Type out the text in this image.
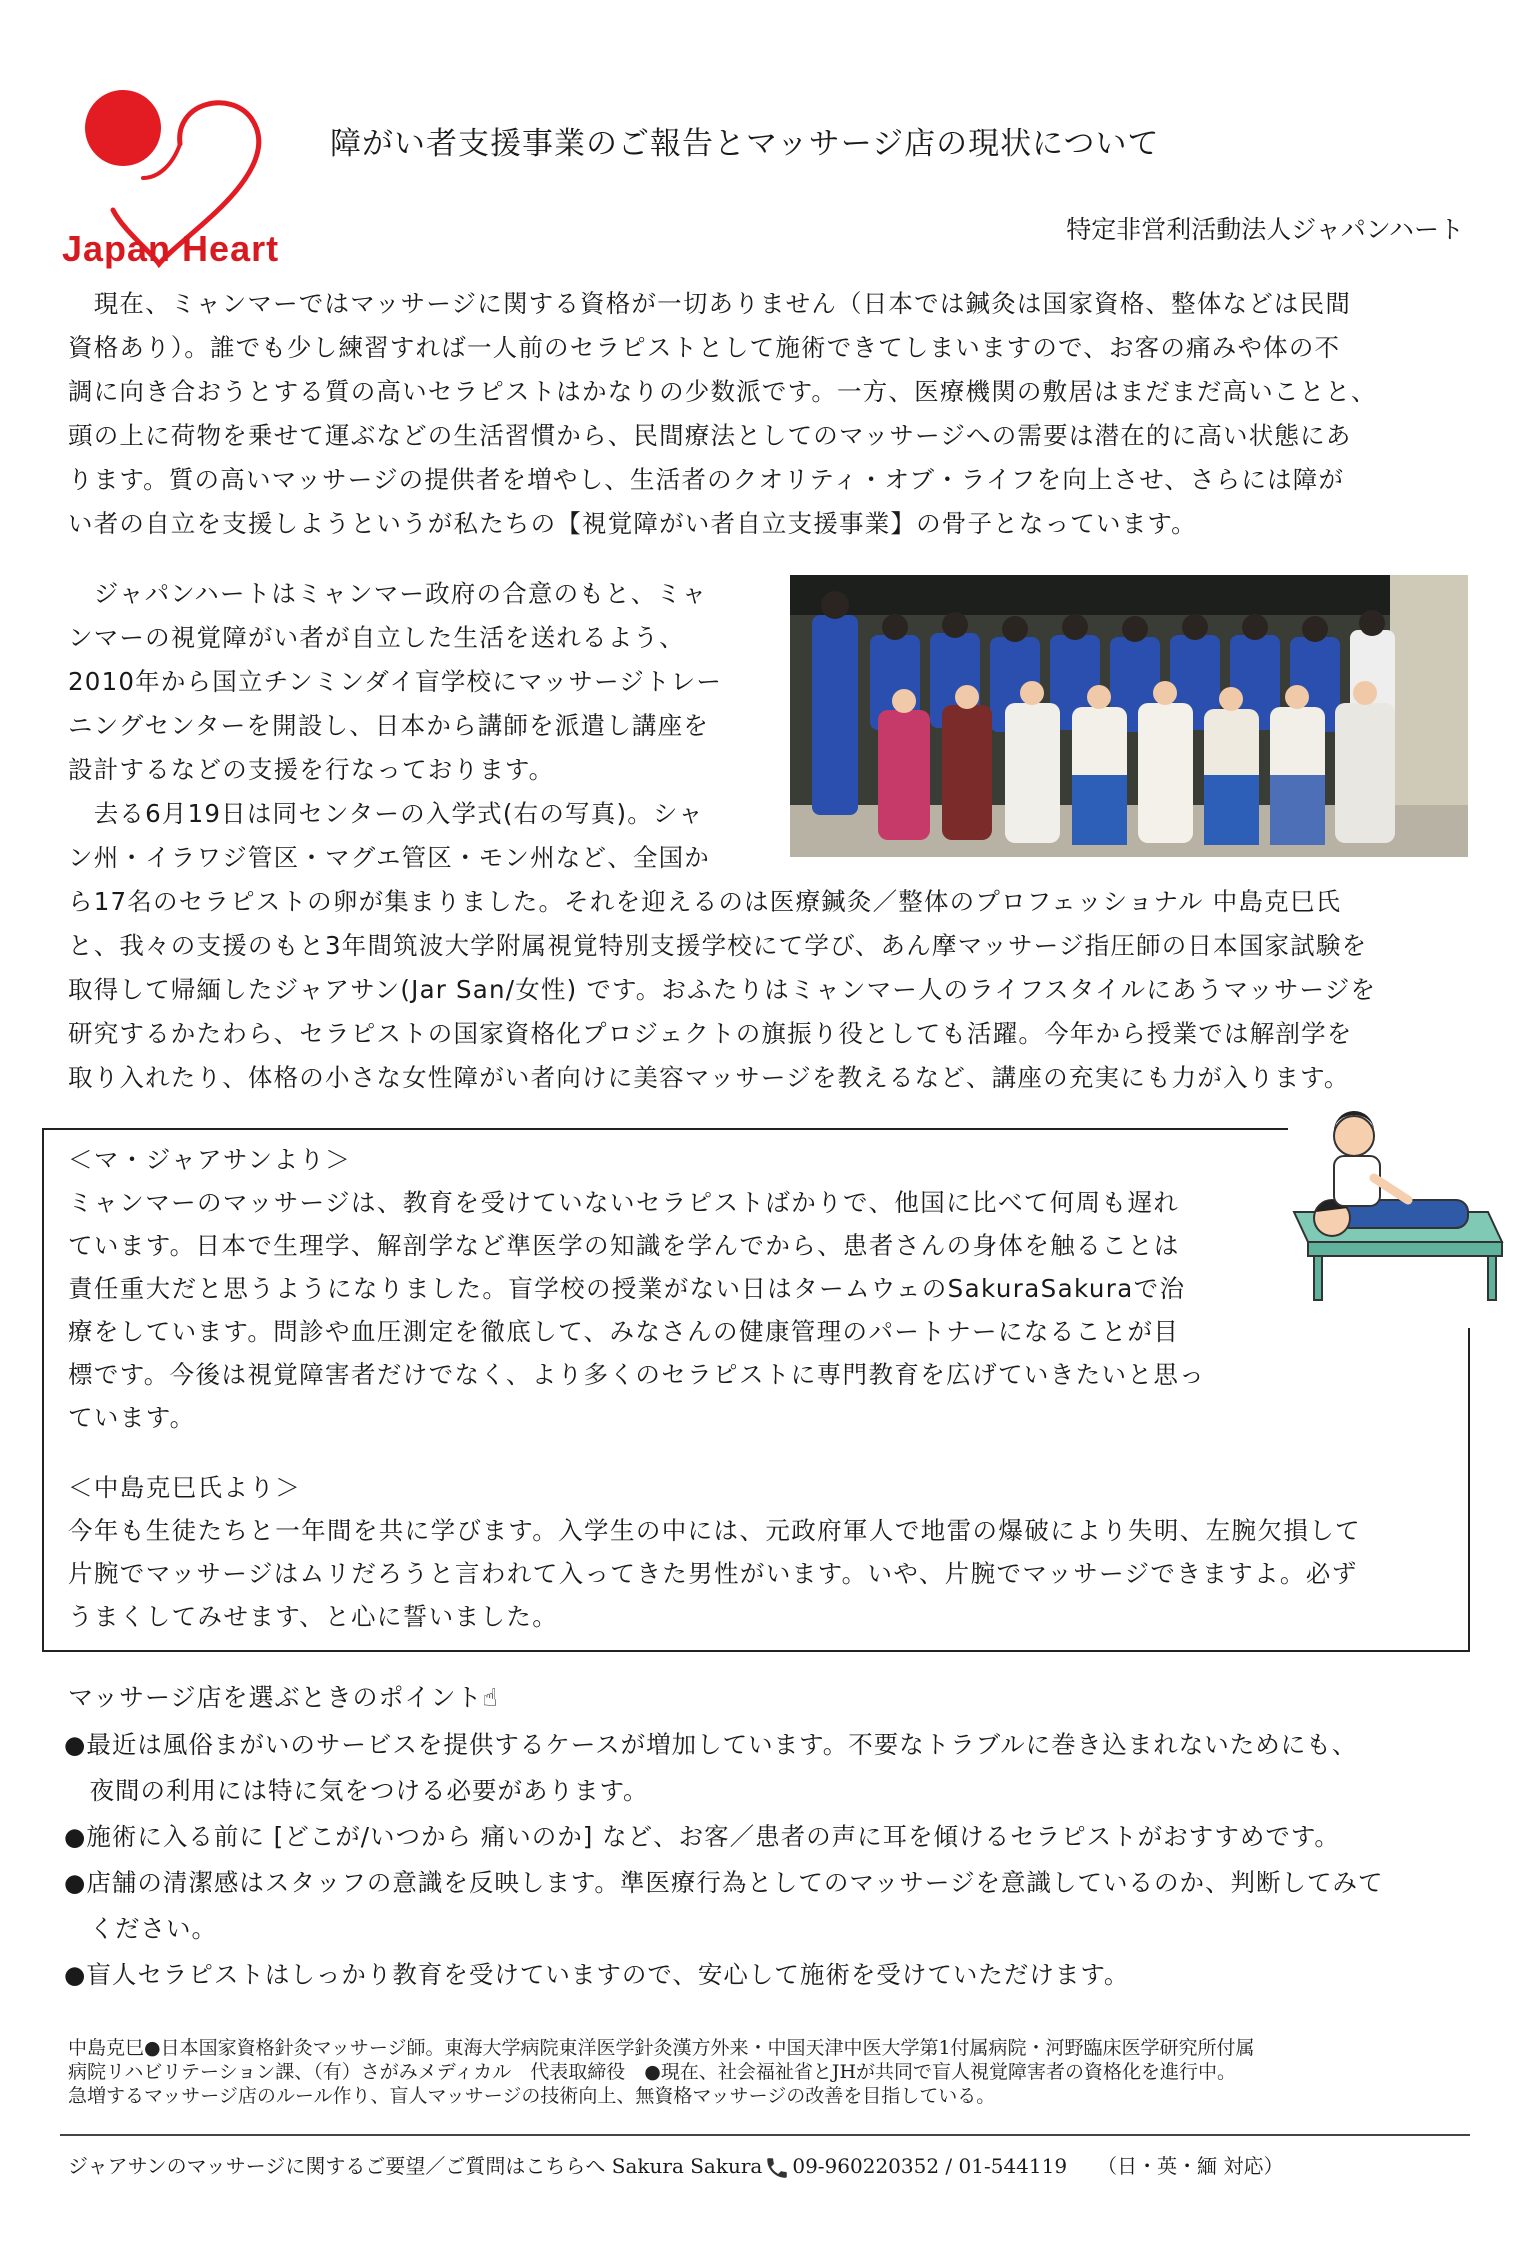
Japan Heart
障がい者支援事業のご報告とマッサージ店の現状について
特定非営利活動法人ジャパンハート
　現在、ミャンマーではマッサージに関する資格が一切ありません（日本では鍼灸は国家資格、整体などは民間
資格あり）。誰でも少し練習すれば一人前のセラピストとして施術できてしまいますので、お客の痛みや体の不
調に向き合おうとする質の高いセラピストはかなりの少数派です。一方、医療機関の敷居はまだまだ高いことと、
頭の上に荷物を乗せて運ぶなどの生活習慣から、民間療法としてのマッサージへの需要は潜在的に高い状態にあ
ります。質の高いマッサージの提供者を増やし、生活者のクオリティ・オブ・ライフを向上させ、さらには障が
い者の自立を支援しようというが私たちの【視覚障がい者自立支援事業】の骨子となっています。
　ジャパンハートはミャンマー政府の合意のもと、ミャ
ンマーの視覚障がい者が自立した生活を送れるよう、
2010年から国立チンミンダイ盲学校にマッサージトレー
ニングセンターを開設し、日本から講師を派遣し講座を
設計するなどの支援を行なっております。
　去る6月19日は同センターの入学式(右の写真)。シャ
ン州・イラワジ管区・マグエ管区・モン州など、全国か
ら17名のセラピストの卵が集まりました。それを迎えるのは医療鍼灸／整体のプロフェッショナル 中島克巳氏
と、我々の支援のもと3年間筑波大学附属視覚特別支援学校にて学び、あん摩マッサージ指圧師の日本国家試験を
取得して帰緬したジャアサン(Jar San/女性) です。おふたりはミャンマー人のライフスタイルにあうマッサージを
研究するかたわら、セラピストの国家資格化プロジェクトの旗振り役としても活躍。今年から授業では解剖学を
取り入れたり、体格の小さな女性障がい者向けに美容マッサージを教えるなど、講座の充実にも力が入ります。
＜マ・ジャアサンより＞
ミャンマーのマッサージは、教育を受けていないセラピストばかりで、他国に比べて何周も遅れ
ています。日本で生理学、解剖学など準医学の知識を学んでから、患者さんの身体を触ることは
責任重大だと思うようになりました。盲学校の授業がない日はタームウェのSakuraSakuraで治
療をしています。問診や血圧測定を徹底して、みなさんの健康管理のパートナーになることが目
標です。今後は視覚障害者だけでなく、より多くのセラピストに専門教育を広げていきたいと思っ
ています。
＜中島克巳氏より＞
今年も生徒たちと一年間を共に学びます。入学生の中には、元政府軍人で地雷の爆破により失明、左腕欠損して
片腕でマッサージはムリだろうと言われて入ってきた男性がいます。いや、片腕でマッサージできますよ。必ず
うまくしてみせます、と心に誓いました。
マッサージ店を選ぶときのポイント☝
●最近は風俗まがいのサービスを提供するケースが増加しています。不要なトラブルに巻き込まれないためにも、
　夜間の利用には特に気をつける必要があります。
●施術に入る前に [どこが/いつから 痛いのか] など、お客／患者の声に耳を傾けるセラピストがおすすめです。
●店舗の清潔感はスタッフの意識を反映します。準医療行為としてのマッサージを意識しているのか、判断してみて
　ください。
●盲人セラピストはしっかり教育を受けていますので、安心して施術を受けていただけます。
中島克巳●日本国家資格針灸マッサージ師。東海大学病院東洋医学針灸漢方外来・中国天津中医大学第1付属病院・河野臨床医学研究所付属
病院リハビリテーション課、（有）さがみメディカル　代表取締役　●現在、社会福祉省とJHが共同で盲人視覚障害者の資格化を進行中。
急増するマッサージ店のルール作り、盲人マッサージの技術向上、無資格マッサージの改善を目指している。
ジャアサンのマッサージに関するご要望／ご質問はこちらへ Sakura Sakura 09-960220352 / 01-544119　　 （日・英・緬 対応）
